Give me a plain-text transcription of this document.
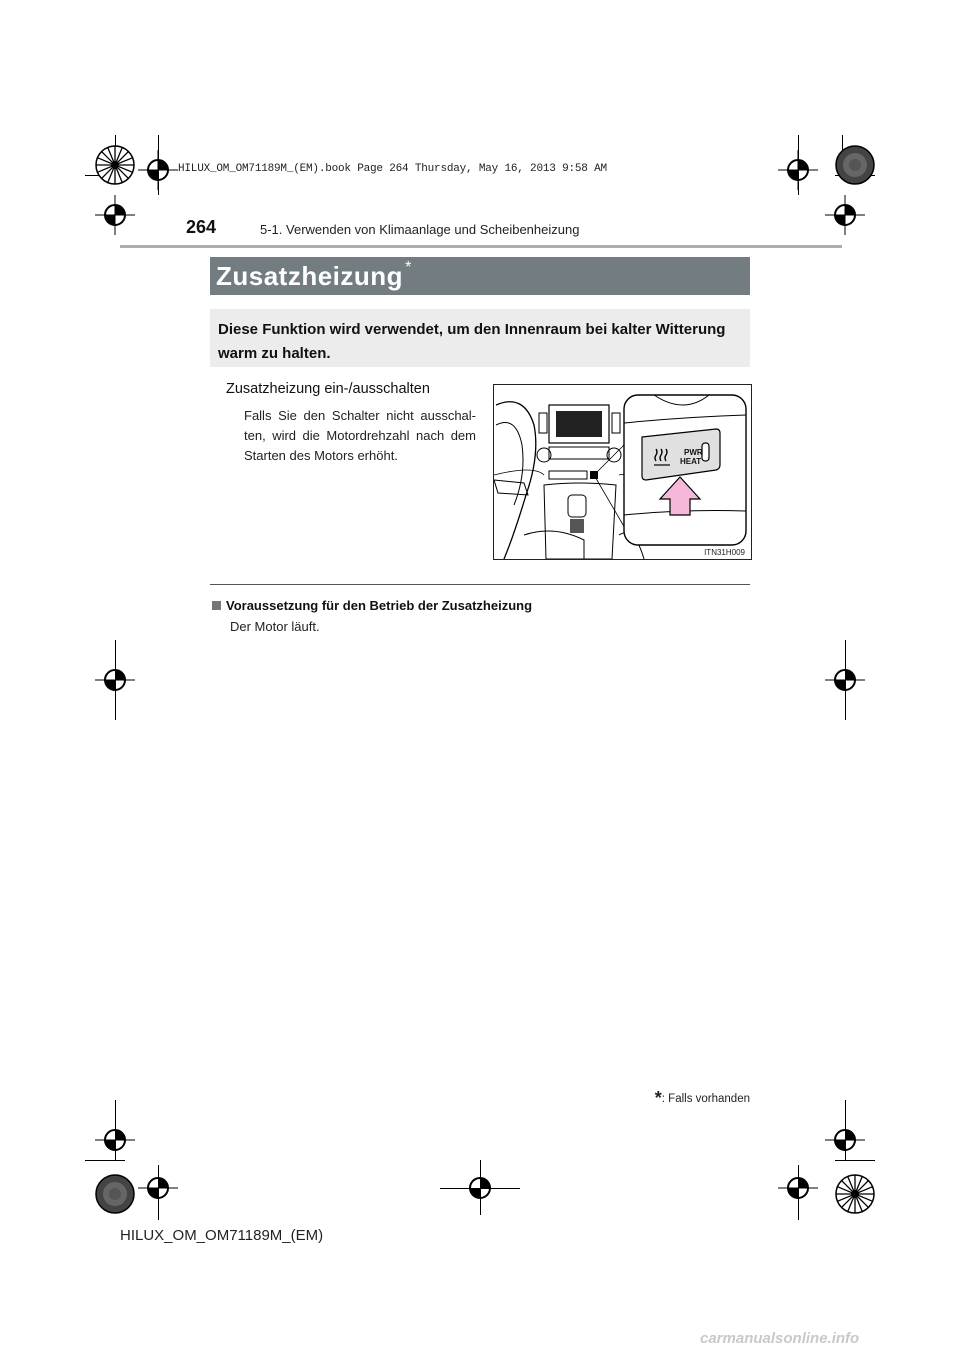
HILUX_OM_OM71189M_(EM).book Page 264 Thursday, May 16, 2013 9:58 AM
264	5-1. Verwenden von Klimaanlage und Scheibenheizung
Zusatzheizung *
Diese Funktion wird verwendet, um den Innenraum bei kalter Witterung warm zu halten.
Zusatzheizung ein-/ausschalten
Falls Sie den Schalter nicht ausschal-ten, wird die Motordrehzahl nach dem Starten des Motors erhöht.	PWR
HEAT
ITN31H009
Voraussetzung für den Betrieb der Zusatzheizung
Der Motor läuft.
*: Falls vorhanden
HILUX_OM_OM71189M_(EM)
carmanualsonline.info
